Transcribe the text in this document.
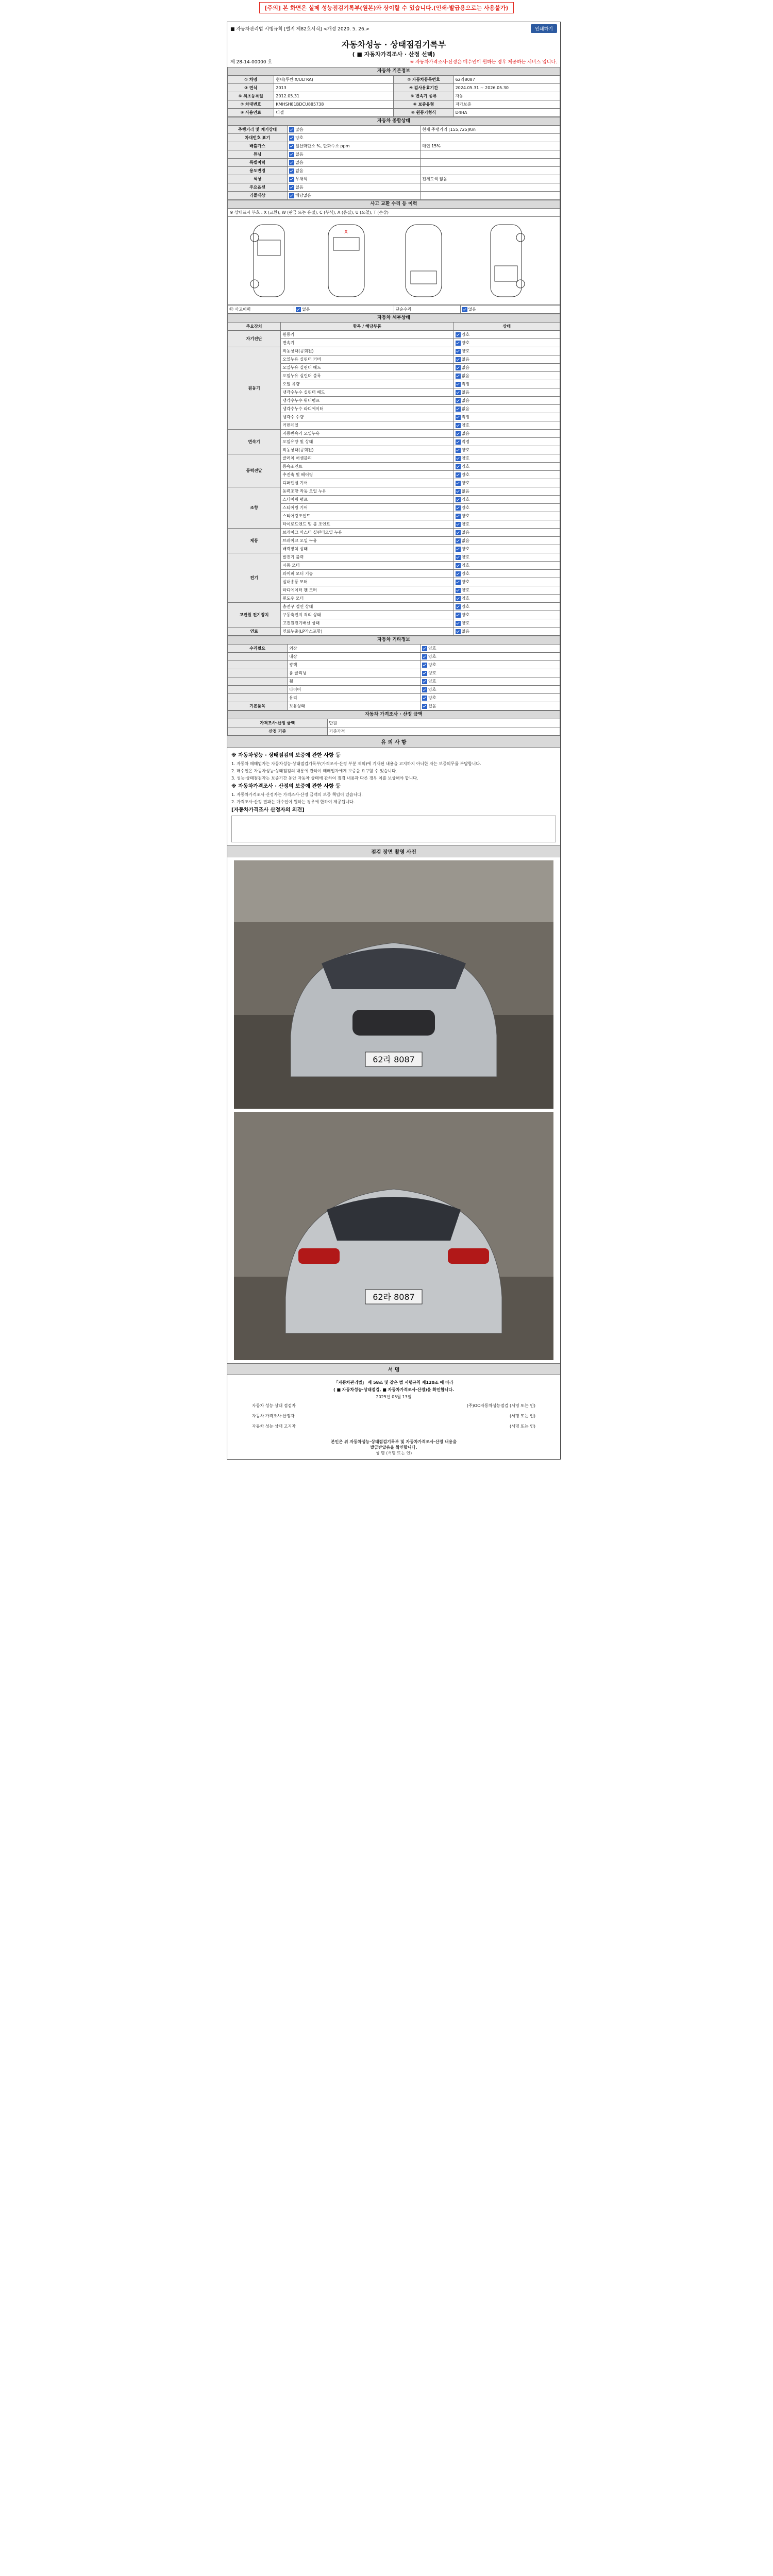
[주의] 본 화면은 실제 성능점검기록부(원본)와 상이할 수 있습니다.(인쇄·발급용으로는 사용불가)
■ 자동차관리법 시행규칙 [별지 제82호서식] <개정 2020. 5. 26.>	인쇄하기
자동차성능 · 상태점검기록부
( ■ 자동차가격조사 · 산정 선택)
제 28-14-00000 호	※ 자동차가격조사·산정은 매수인이 원하는 경우 제공하는 서비스 입니다.
자동차 기본정보			
① 차명	현대(투싼IX/ULTRA)	② 자동차등록번호	62라8087
③ 연식	2013	④ 검사유효기간	2024.05.31 ~ 2026.05.30
⑤ 최초등록일	2012.05.31	⑥ 변속기 종류	자동
⑦ 차대번호	KMHSH81BDCU885738	⑧ 보증유형	자가보증
⑨ 사용연료	디젤	⑩ 원동기형식	D4HA
자동차 종합상태		
주행거리 및 계기상태	많음	현재 주행거리 [155,725]Km
차대번호 표기	양호	
배출가스	일산화탄소 %, 탄화수소 ppm	매연 15%
튜닝	없음	
특별이력	없음	
용도변경	없음	
색상	무채색	전체도색 없음
주요옵션	없음	
리콜대상	해당없음	
사고 교환 수리 등 이력
※ 상태표시 부호 : X (교환), W (판금 또는 용접), C (부식), A (흠집), U (요철), T (손상)
X
⑫ 사고이력	없음	단순수리	없음
자동차 세부상태		
주요장치	항목 / 해당부품	상태
자기진단	원동기	양호
	변속기	양호
원동기	작동상태(공회전)	양호
	오일누유 실린더 커버	없음
	오일누유 실린더 헤드	없음
	오일누유 실린더 블록	없음
	오일 유량	적정
	냉각수누수 실린더 헤드	없음
	냉각수누수 워터펌프	없음
	냉각수누수 라디에이터	없음
	냉각수 수량	적정
	커먼레일	양호
변속기	자동변속기 오일누유	없음
	오일유량 및 상태	적정
	작동상태(공회전)	양호
동력전달	클러치 어셈블리	양호
	등속조인트	양호
	추진축 및 베어링	양호
	디퍼렌셜 기어	양호
조향	동력조향 작동 오일 누유	없음
	스티어링 펌프	양호
	스티어링 기어	양호
	스티어링조인트	양호
	타이로드엔드 및 볼 조인트	양호
제동	브레이크 마스터 실린더오일 누유	없음
	브레이크 오일 누유	없음
	배력장치 상태	양호
전기	발전기 출력	양호
	시동 모터	양호
	와이퍼 모터 기능	양호
	실내송풍 모터	양호
	라디에이터 팬 모터	양호
	윈도우 모터	양호
고전원 전기장치	충전구 절연 상태	양호
	구동축전지 격리 상태	양호
	고전원전기배선 상태	양호
연료	연료누출(LP가스포함)	없음
자동차 기타정보		
수리필요	외장	양호
	내장	양호
	광택	양호
	룸 클리닝	양호
	휠	양호
	타이어	양호
	유리	양호
기본품목	보유상태	있음
자동차 가격조사 · 산정 금액	
가격조사·산정 금액	만원
산정 기준	기준가격
유 의 사 항
※ 자동차성능 · 상태점검의 보증에 관한 사항 등

1. 자동차 매매업자는 자동차성능·상태점검기록부(가격조사·산정 부분 제외)에 기재된 내용을 고지하지 아니한 자는 보증의무를 부담합니다.

2. 매수인은 자동차성능·상태점검의 내용에 관하여 매매업자에게 보증을 요구할 수 있습니다.

3. 성능·상태점검자는 보증기간 동안 자동차 상태에 관하여 점검 내용과 다른 경우 이를 보상해야 합니다.

※ 자동차가격조사 · 산정의 보증에 관한 사항 등

1. 자동차가격조사·산정자는 가격조사·산정 금액의 보증 책임이 있습니다.

2. 가격조사·산정 결과는 매수인이 원하는 경우에 한하여 제공됩니다.

[자동차가격조사 산정자의 의견]
점검 장면 촬영 사진
62라 8087
62라 8087
서 명
「자동차관리법」 제 58조 및 같은 법 시행규칙 제120조 에 따라
( ■ 자동차성능·상태점검, ■ 자동차가격조사·산정)을 확인합니다.
2025년 05월 13일
자동차 성능·상태 점검자	(주)OO자동차성능점검 (서명 또는 인)
자동차 가격조사·산정자	(서명 또는 인)
자동차 성능·상태 고지자	(서명 또는 인)
본인은 위 자동차성능·상태점검기록부 및 자동차가격조사·산정 내용을
발급받았음을 확인합니다.
성 명 (서명 또는 인)
